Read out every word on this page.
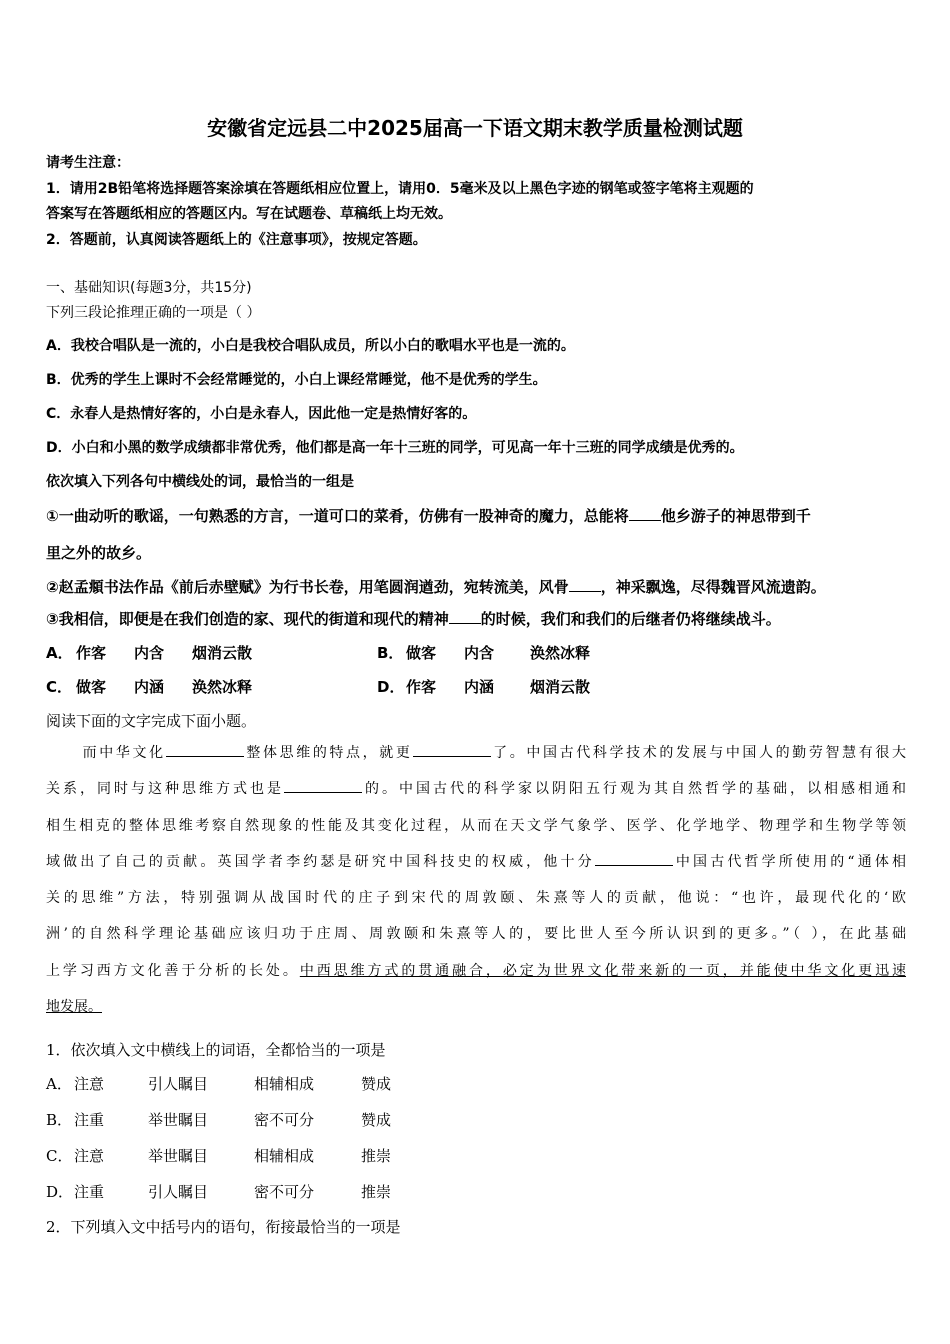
安徽省定远县二中2025届高一下语文期末教学质量检测试题
请考生注意：
1．请用2B铅笔将选择题答案涂填在答题纸相应位置上，请用0．5毫米及以上黑色字迹的钢笔或签字笔将主观题的
答案写在答题纸相应的答题区内。写在试题卷、草稿纸上均无效。
2．答题前，认真阅读答题纸上的《注意事项》，按规定答题。
一、基础知识(每题3分，共15分)
下列三段论推理正确的一项是（ ）
A．我校合唱队是一流的，小白是我校合唱队成员，所以小白的歌唱水平也是一流的。
B．优秀的学生上课时不会经常睡觉的，小白上课经常睡觉，他不是优秀的学生。
C．永春人是热情好客的，小白是永春人，因此他一定是热情好客的。
D．小白和小黑的数学成绩都非常优秀，他们都是高一年十三班的同学，可见高一年十三班的同学成绩是优秀的。
依次填入下列各句中横线处的词，最恰当的一组是
①一曲动听的歌谣，一句熟悉的方言，一道可口的菜肴，仿佛有一股神奇的魔力，总能将 他乡游子的神思带到千
里之外的故乡。
②赵孟頫书法作品《前后赤壁赋》为行书长卷，用笔圆润遒劲，宛转流美，风骨 ，神采飘逸，尽得魏晋风流遗韵。
③我相信，即便是在我们创造的家、现代的街道和现代的精神 的时候，我们和我们的后继者仍将继续战斗。
A． 作客 内含 烟消云散	B． 做客 内含 涣然冰释
C． 做客 内涵 涣然冰释	D． 作客 内涵 烟消云散
阅读下面的文字完成下面小题。
而中华文化	整体思维的特点，就更	了。中国古代科学技术的发展与中国人的勤劳智慧有很大
关系，同时与这种思维方式也是	的。中国古代的科学家以阴阳五行观为其自然哲学的基础，以相感相通和
相生相克的整体思维考察自然现象的性能及其变化过程，从而在天文学气象学、医学、化学地学、物理学和生物学等领
域做出了自己的贡献。英国学者李约瑟是研究中国科技史的权威，他十分	中国古代哲学所使用的“通体相
关的思维”方法，特别强调从战国时代的庄子到宋代的周敦颐、朱熹等人的贡献，他说：“也许，最现代化的‘欧
洲’的自然科学理论基础应该归功于庄周、周敦颐和朱熹等人的，要比世人至今所认识到的更多。”（ ），在此基础
上学习西方文化善于分析的长处。中西思维方式的贯通融合，必定为世界文化带来新的一页，并能使中华文化更迅速
地发展。
1．依次填入文中横线上的词语，全都恰当的一项是
A． 注意	引人瞩目	相辅相成	赞成
B． 注重	举世瞩目	密不可分	赞成
C． 注意	举世瞩目	相辅相成	推崇
D． 注重	引人瞩目	密不可分	推崇
2．下列填入文中括号内的语句，衔接最恰当的一项是
